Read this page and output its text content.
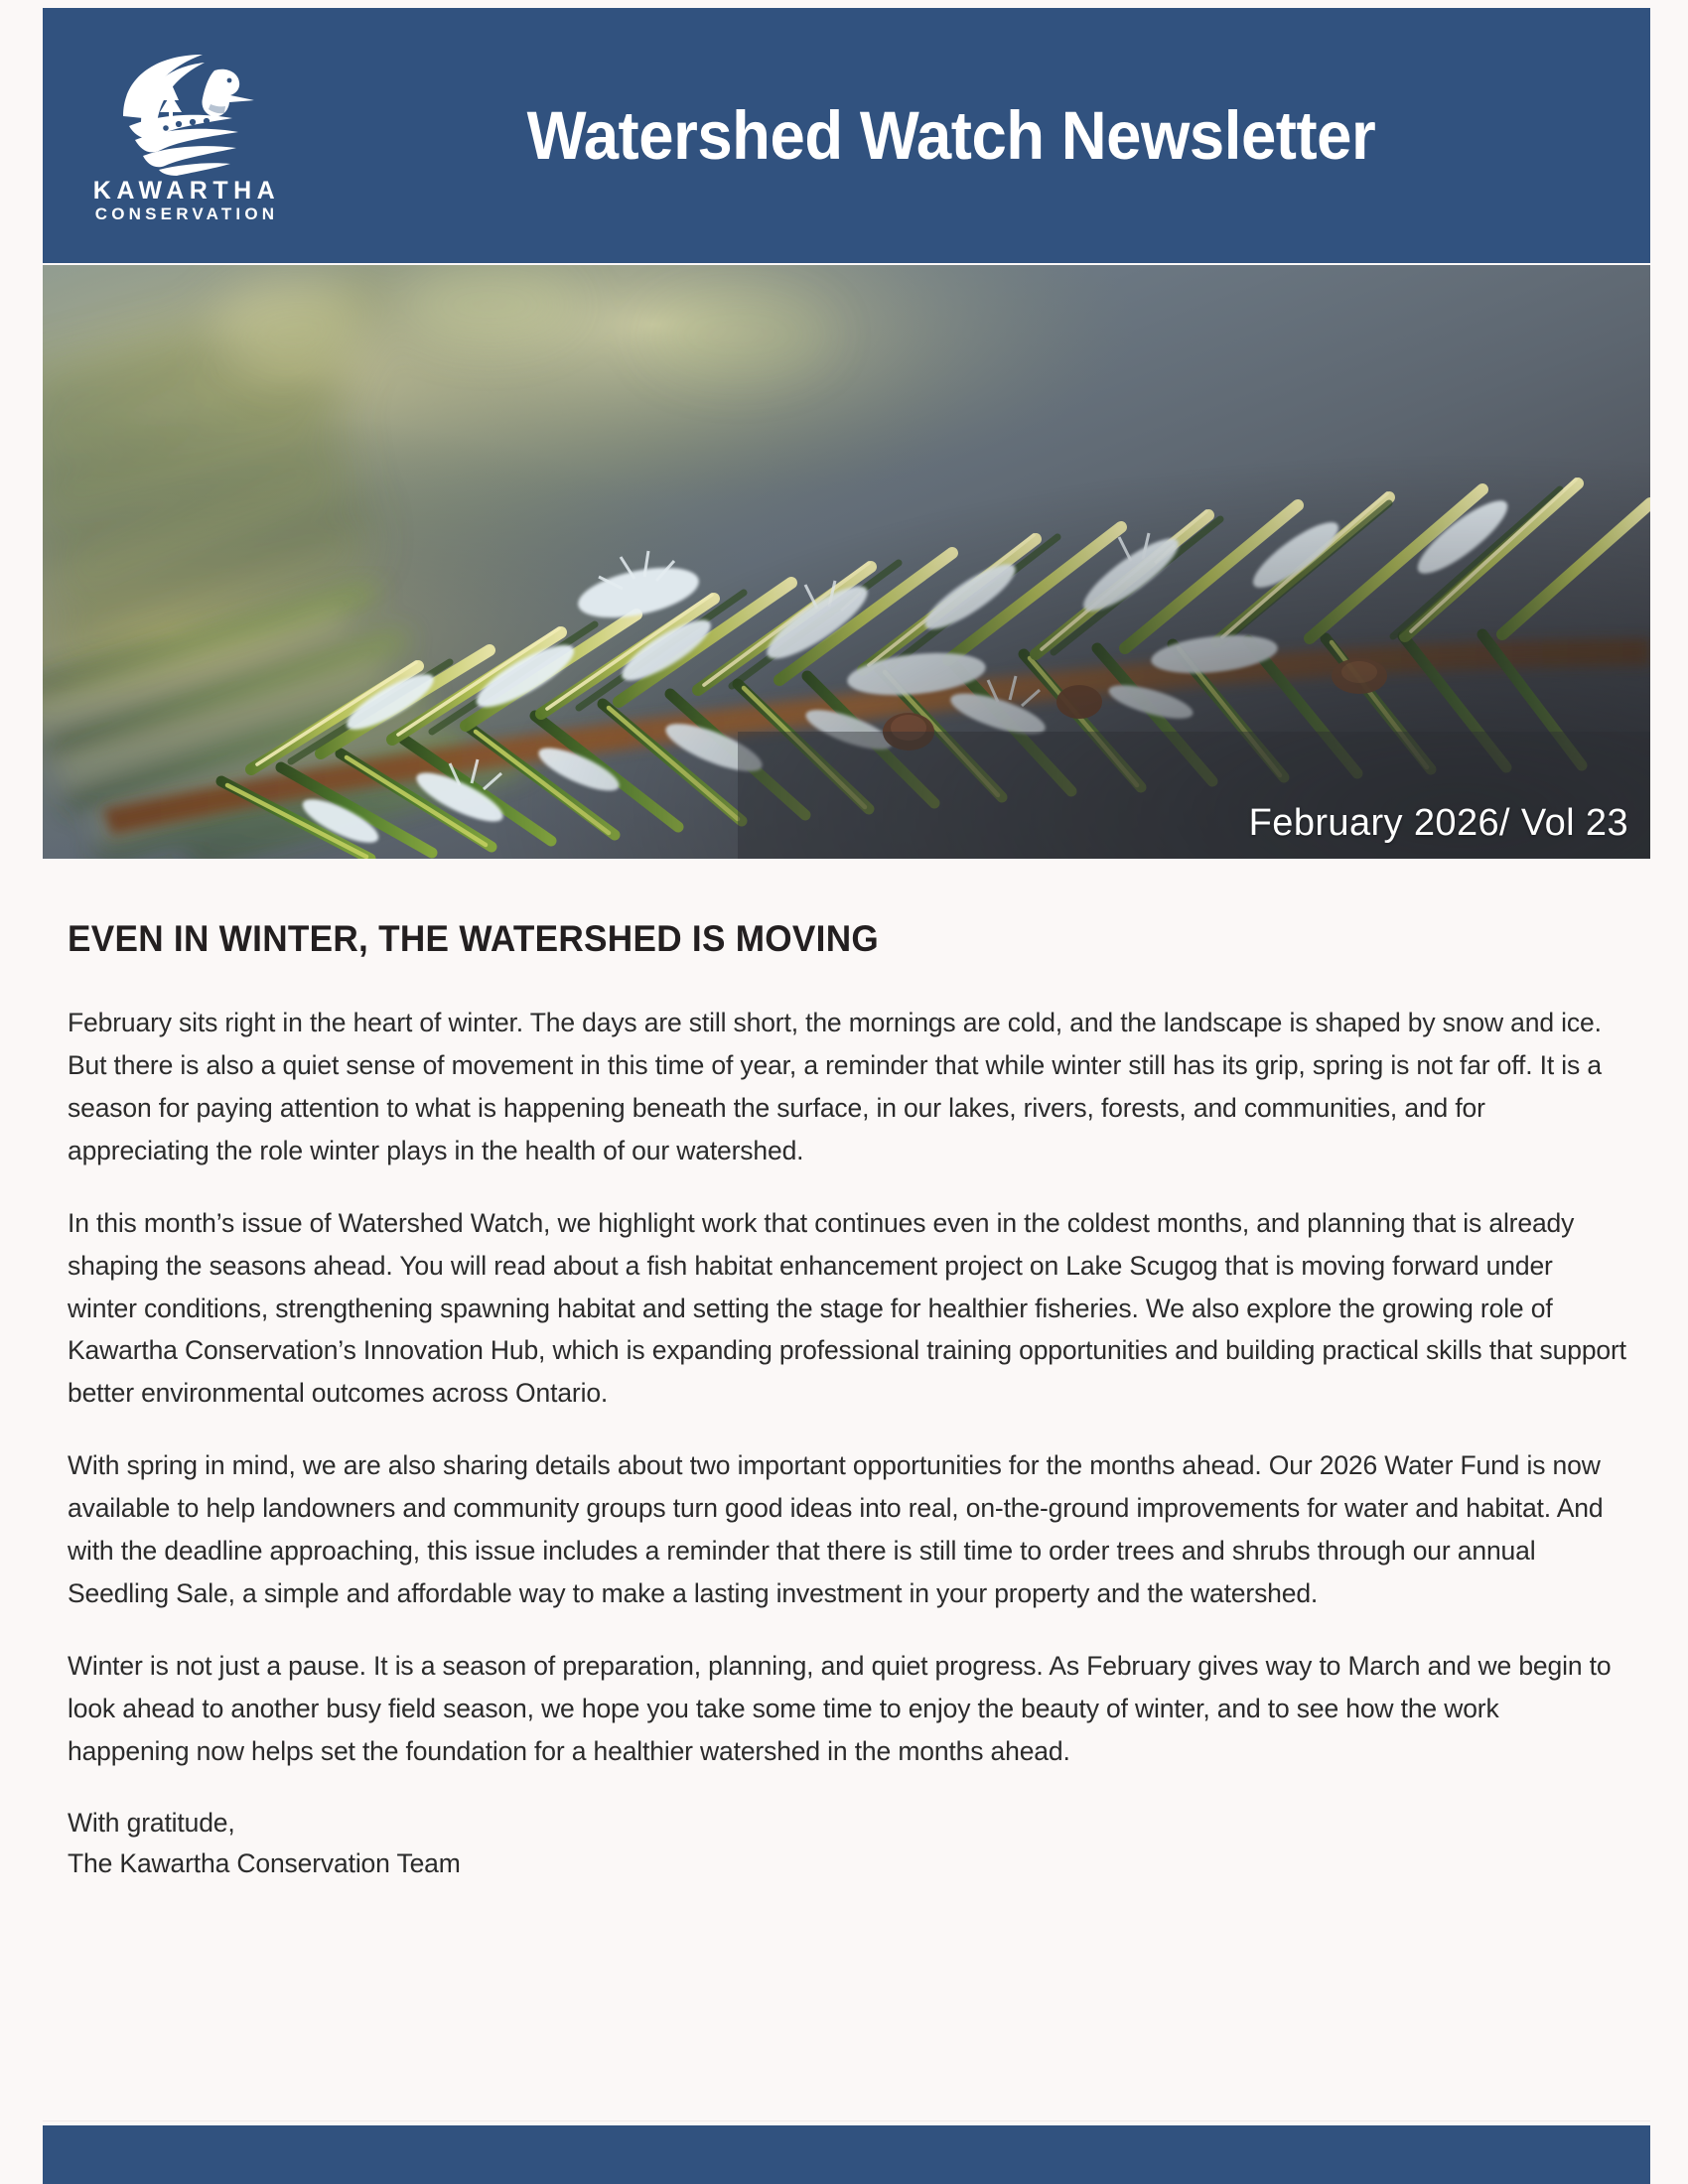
KAWARTHA
CONSERVATION
Watershed Watch Newsletter
February 2026/ Vol 23
EVEN IN WINTER, THE WATERSHED IS MOVING

February sits right in the heart of winter. The days are still short, the mornings are cold, and the landscape is shaped by snow and ice. But there is also a quiet sense of movement in this time of year, a reminder that while winter still has its grip, spring is not far off. It is a season for paying attention to what is happening beneath the surface, in our lakes, rivers, forests, and communities, and for appreciating the role winter plays in the health of our watershed.

In this month’s issue of Watershed Watch, we highlight work that continues even in the coldest months, and planning that is already shaping the seasons ahead. You will read about a fish habitat enhancement project on Lake Scugog that is moving forward under winter conditions, strengthening spawning habitat and setting the stage for healthier fisheries. We also explore the growing role of Kawartha Conservation’s Innovation Hub, which is expanding professional training opportunities and building practical skills that support better environmental outcomes across Ontario.

With spring in mind, we are also sharing details about two important opportunities for the months ahead. Our 2026 Water Fund is now available to help landowners and community groups turn good ideas into real, on-the-ground improvements for water and habitat. And with the deadline approaching, this issue includes a reminder that there is still time to order trees and shrubs through our annual Seedling Sale, a simple and affordable way to make a lasting investment in your property and the watershed.

Winter is not just a pause. It is a season of preparation, planning, and quiet progress. As February gives way to March and we begin to look ahead to another busy field season, we hope you take some time to enjoy the beauty of winter, and to see how the work happening now helps set the foundation for a healthier watershed in the months ahead.

With gratitude,
The Kawartha Conservation Team
